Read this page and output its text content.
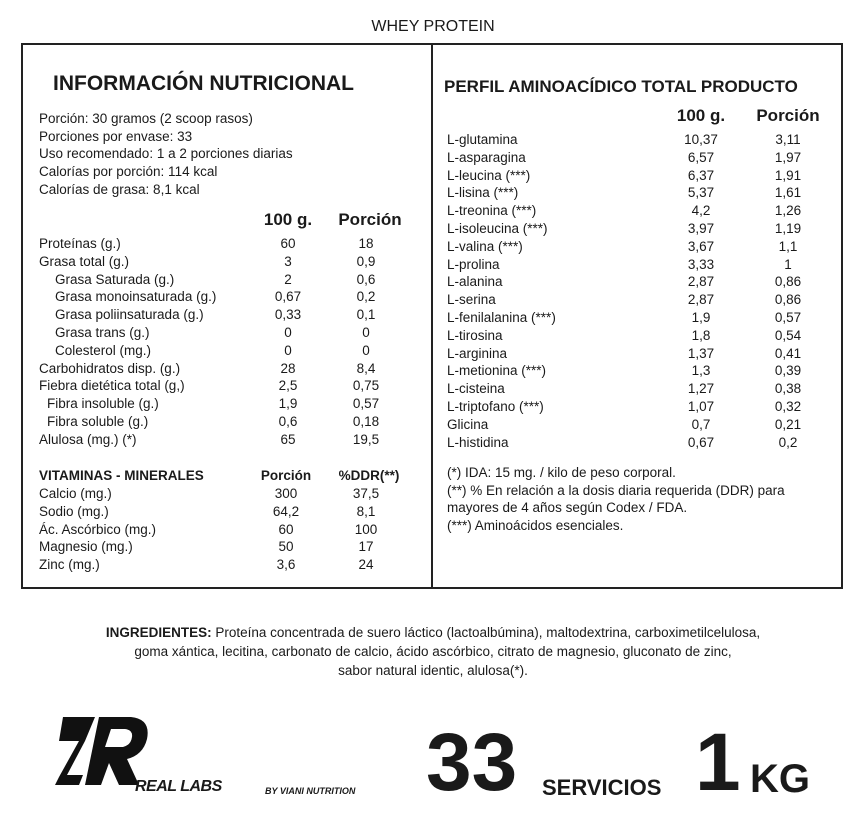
WHEY PROTEIN
INFORMACIÓN NUTRICIONAL
Porción: 30 gramos (2 scoop rasos)
Porciones por envase: 33
Uso recomendado: 1 a 2 porciones diarias
Calorías por porción: 114 kcal
Calorías de grasa: 8,1 kcal
100 g.	Porción
Proteínas (g.)	60	18
Grasa total (g.)	3	0,9
Grasa Saturada (g.)	2	0,6
Grasa monoinsaturada (g.)	0,67	0,2
Grasa poliinsaturada (g.)	0,33	0,1
Grasa trans (g.)	0	0
Colesterol (mg.)	0	0
Carbohidratos disp. (g.)	28	8,4
Fiebra dietética total (g,)	2,5	0,75
Fibra insoluble (g.)	1,9	0,57
Fibra soluble (g.)	0,6	0,18
Alulosa (mg.) (*)	65	19,5
VITAMINAS - MINERALES	Porción	%DDR(**)
Calcio (mg.)	300	37,5
Sodio (mg.)	64,2	8,1
Ác. Ascórbico (mg.)	60	100
Magnesio (mg.)	50	17
Zinc (mg.)	3,6	24
PERFIL AMINOACÍDICO TOTAL PRODUCTO
100 g.	Porción
L-glutamina	10,37	3,11
L-asparagina	6,57	1,97
L-leucina (***)	6,37	1,91
L-lisina (***)	5,37	1,61
L-treonina (***)	4,2	1,26
L-isoleucina (***)	3,97	1,19
L-valina (***)	3,67	1,1
L-prolina	3,33	1
L-alanina	2,87	0,86
L-serina	2,87	0,86
L-fenilalanina (***)	1,9	0,57
L-tirosina	1,8	0,54
L-arginina	1,37	0,41
L-metionina (***)	1,3	0,39
L-cisteina	1,27	0,38
L-triptofano (***)	1,07	0,32
Glicina	0,7	0,21
L-histidina	0,67	0,2
(*) IDA: 15 mg. / kilo de peso corporal.
(**) % En relación a la dosis diaria requerida (DDR) para
mayores de 4 años según Codex / FDA.
(***) Aminoácidos esenciales.
INGREDIENTES: Proteína concentrada de suero láctico (lactoalbúmina), maltodextrina, carboximetilcelulosa,
goma xántica, lecitina, carbonato de calcio, ácido ascórbico, citrato de magnesio, gluconato de zinc,
sabor natural identic, alulosa(*).
REAL LABS	BY VIANI NUTRITION 33 SERVICIOS 1 KG
